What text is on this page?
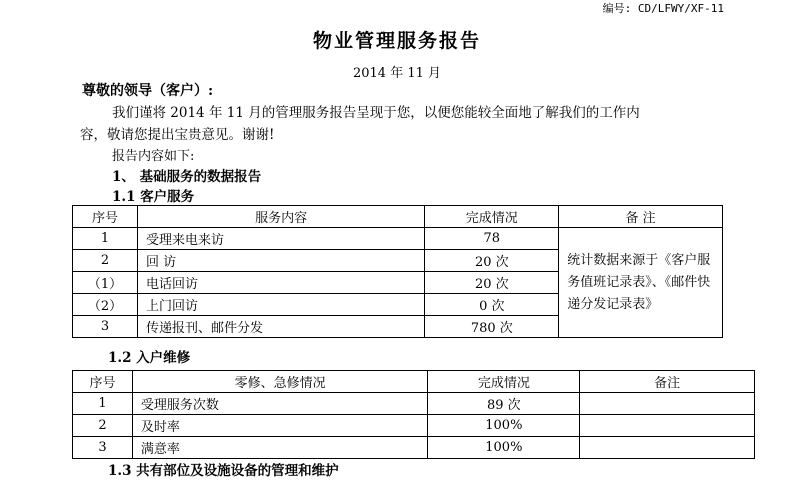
编号: CD/LFWY/XF-11
物业管理服务报告
2014 年 11 月
尊敬的领导（客户）:
我们谨将 2014 年 11 月的管理服务报告呈现于您，以便您能较全面地了解我们的工作内
容，敬请您提出宝贵意见。谢谢!
报告内容如下:
1、 基础服务的数据报告
1.1 客户服务
序号	服务内容	完成情况	备 注
1	受理来电来访	78	统计数据来源于《客户服务值班记录表》、《邮件快递分发记录表》
2	回 访	20 次	
（1）	电话回访	20 次	
（2）	上门回访	0 次	
3	传递报刊、邮件分发	780 次	
1.2 入户维修
序号	零修、急修情况	完成情况	备注
1	受理服务次数	89 次	
2	及时率	100%	
3	满意率	100%	
1.3 共有部位及设施设备的管理和维护
